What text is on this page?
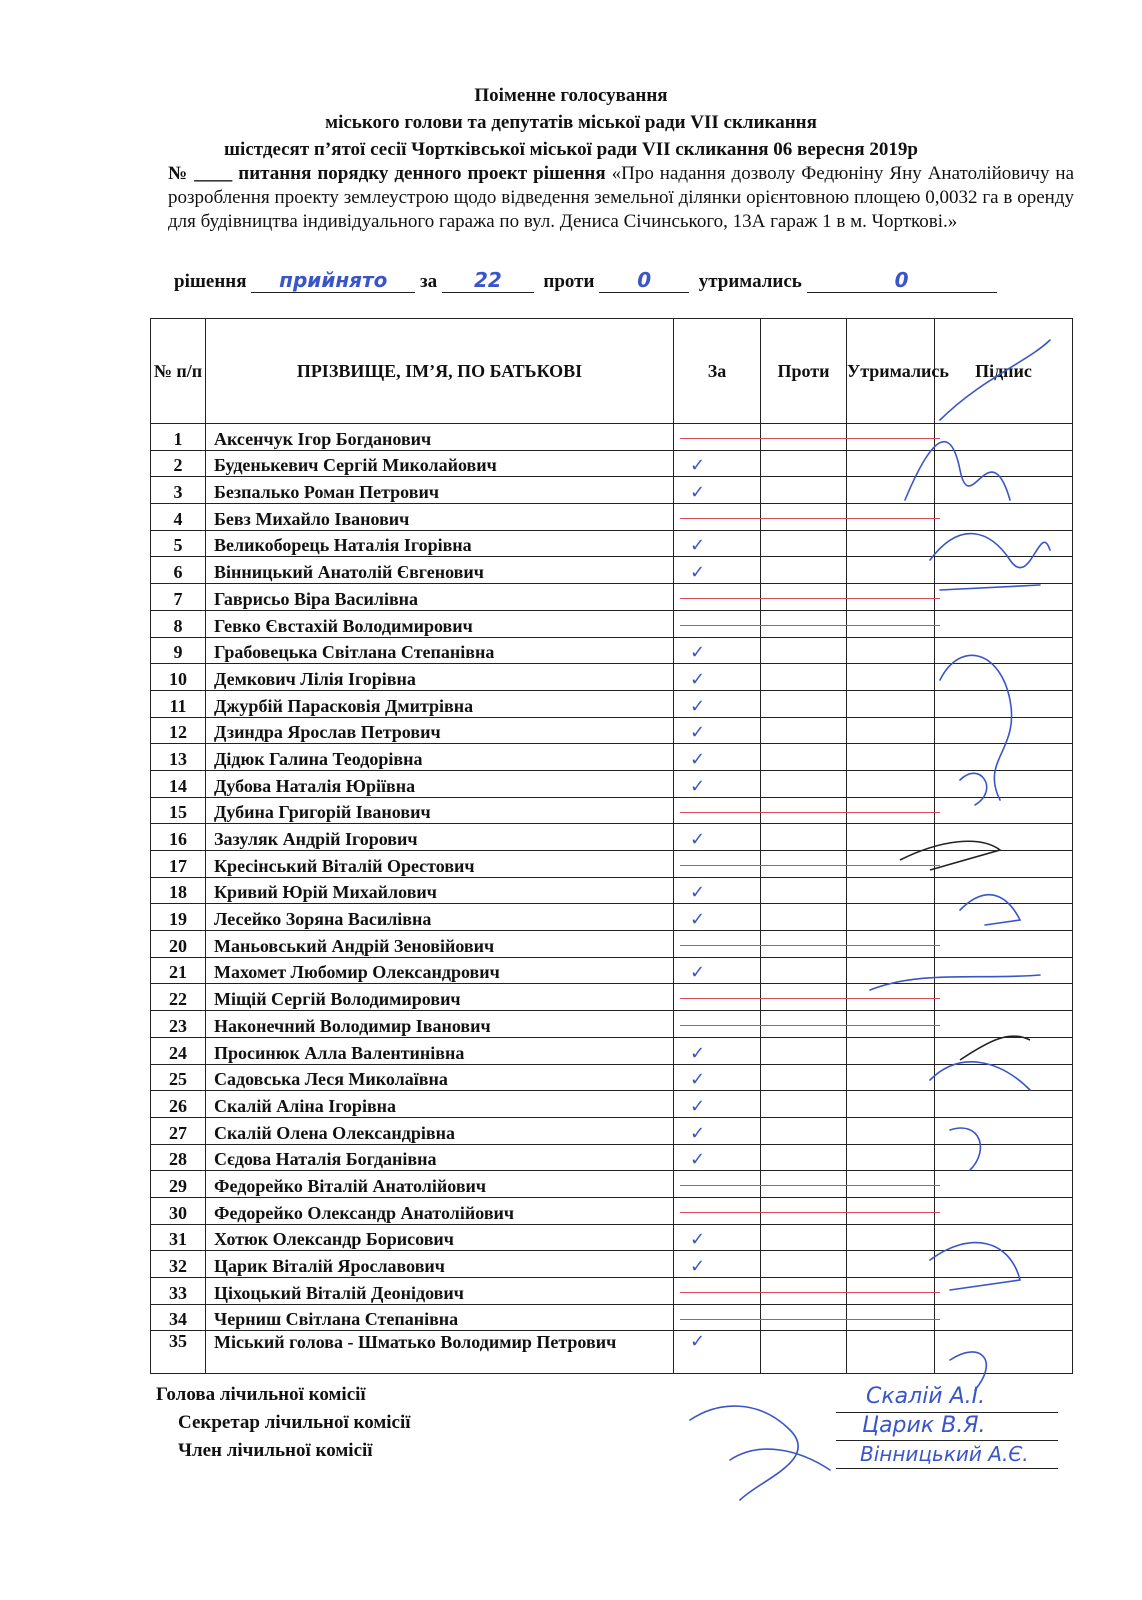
Поіменне голосування
міського голови та депутатів міської ради VII скликання
шістдесят п’ятої сесії Чортківської міської ради VII скликання 06 вересня 2019р
№ ____ питання порядку денного проект рішення «Про надання дозволу Федюніну Яну Анатолійовичу на розроблення проекту землеустрою щодо відведення земельної ділянки орієнтовною площею 0,0032 га в оренду для будівництва індивідуального гаража по вул. Дениса Січинського, 13А гараж 1 в м. Чорткові.»
рішення прийнято за 22 проти 0	утримались	0
№ п/п	ПРІЗВИЩЕ, ІМ’Я, ПО БАТЬКОВІ	За	Проти	Утримались	Підпис
1	Аксенчук Ігор Богданович	

2	Буденькевич Сергій Миколайович	✓			
3	Безпалько Роман Петрович	✓			
4	Бевз Михайло Іванович	

5	Великоборець Наталія Ігорівна	✓			
6	Вінницький Анатолій Євгенович	✓			
7	Гаврисьо Віра Василівна	

8	Гевко Євстахій Володимирович	

9	Грабовецька Світлана Степанівна	✓			
10	Демкович Лілія Ігорівна	✓			
11	Джурбій Парасковія Дмитрівна	✓			
12	Дзиндра Ярослав Петрович	✓			
13	Дідюк Галина Теодорівна	✓			
14	Дубова Наталія Юріївна	✓			
15	Дубина Григорій Іванович	

16	Зазуляк Андрій Ігорович	✓			
17	Кресінський Віталій Орестович	

18	Кривий Юрій Михайлович	✓			
19	Лесейко Зоряна Василівна	✓			
20	Маньовський Андрій Зеновійович	

21	Махомет Любомир Олександрович	✓			
22	Міщій Сергій Володимирович	

23	Наконечний Володимир Іванович	

24	Просинюк Алла Валентинівна	✓			
25	Садовська Леся Миколаївна	✓			
26	Скалій Аліна Ігорівна	✓			
27	Скалій Олена Олександрівна	✓			
28	Сєдова Наталія Богданівна	✓			
29	Федорейко Віталій Анатолійович	

30	Федорейко Олександр Анатолійович	

31	Хотюк Олександр Борисович	✓			
32	Царик Віталій Ярославович	✓			
33	Ціхоцький Віталій Деонідович	

34	Черниш Світлана Степанівна	

35	Міський голова - Шматько Володимир Петрович	✓			
Голова лічильної комісії
Секретар лічильної комісії
Член лічильної комісії
Скалій А.І.
Царик В.Я.
Вінницький А.Є.
